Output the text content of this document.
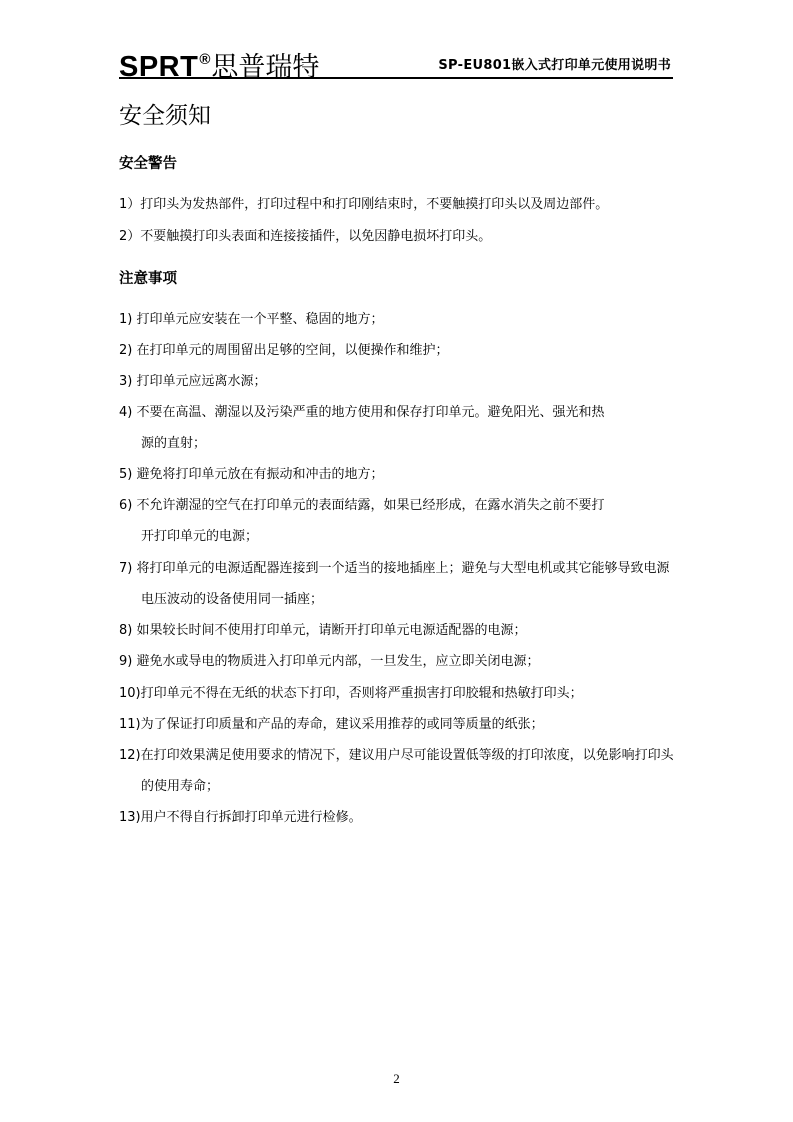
SPRT®思普瑞特	SP-EU801嵌入式打印单元使用说明书
安全须知
安全警告
1）打印头为发热部件，打印过程中和打印刚结束时，不要触摸打印头以及周边部件。
2）不要触摸打印头表面和连接接插件，以免因静电损坏打印头。
注意事项
1) 打印单元应安装在一个平整、稳固的地方；
2) 在打印单元的周围留出足够的空间，以便操作和维护；
3) 打印单元应远离水源；
4) 不要在高温、潮湿以及污染严重的地方使用和保存打印单元。避免阳光、强光和热
源的直射；
5) 避免将打印单元放在有振动和冲击的地方；
6) 不允许潮湿的空气在打印单元的表面结露，如果已经形成，在露水消失之前不要打
开打印单元的电源；
7) 将打印单元的电源适配器连接到一个适当的接地插座上；避免与大型电机或其它能够导致电源
电压波动的设备使用同一插座；
8) 如果较长时间不使用打印单元，请断开打印单元电源适配器的电源；
9) 避免水或导电的物质进入打印单元内部，一旦发生，应立即关闭电源；
10)打印单元不得在无纸的状态下打印，否则将严重损害打印胶辊和热敏打印头；
11)为了保证打印质量和产品的寿命，建议采用推荐的或同等质量的纸张；
12)在打印效果满足使用要求的情况下，建议用户尽可能设置低等级的打印浓度，以免影响打印头
的使用寿命；
13)用户不得自行拆卸打印单元进行检修。
2
